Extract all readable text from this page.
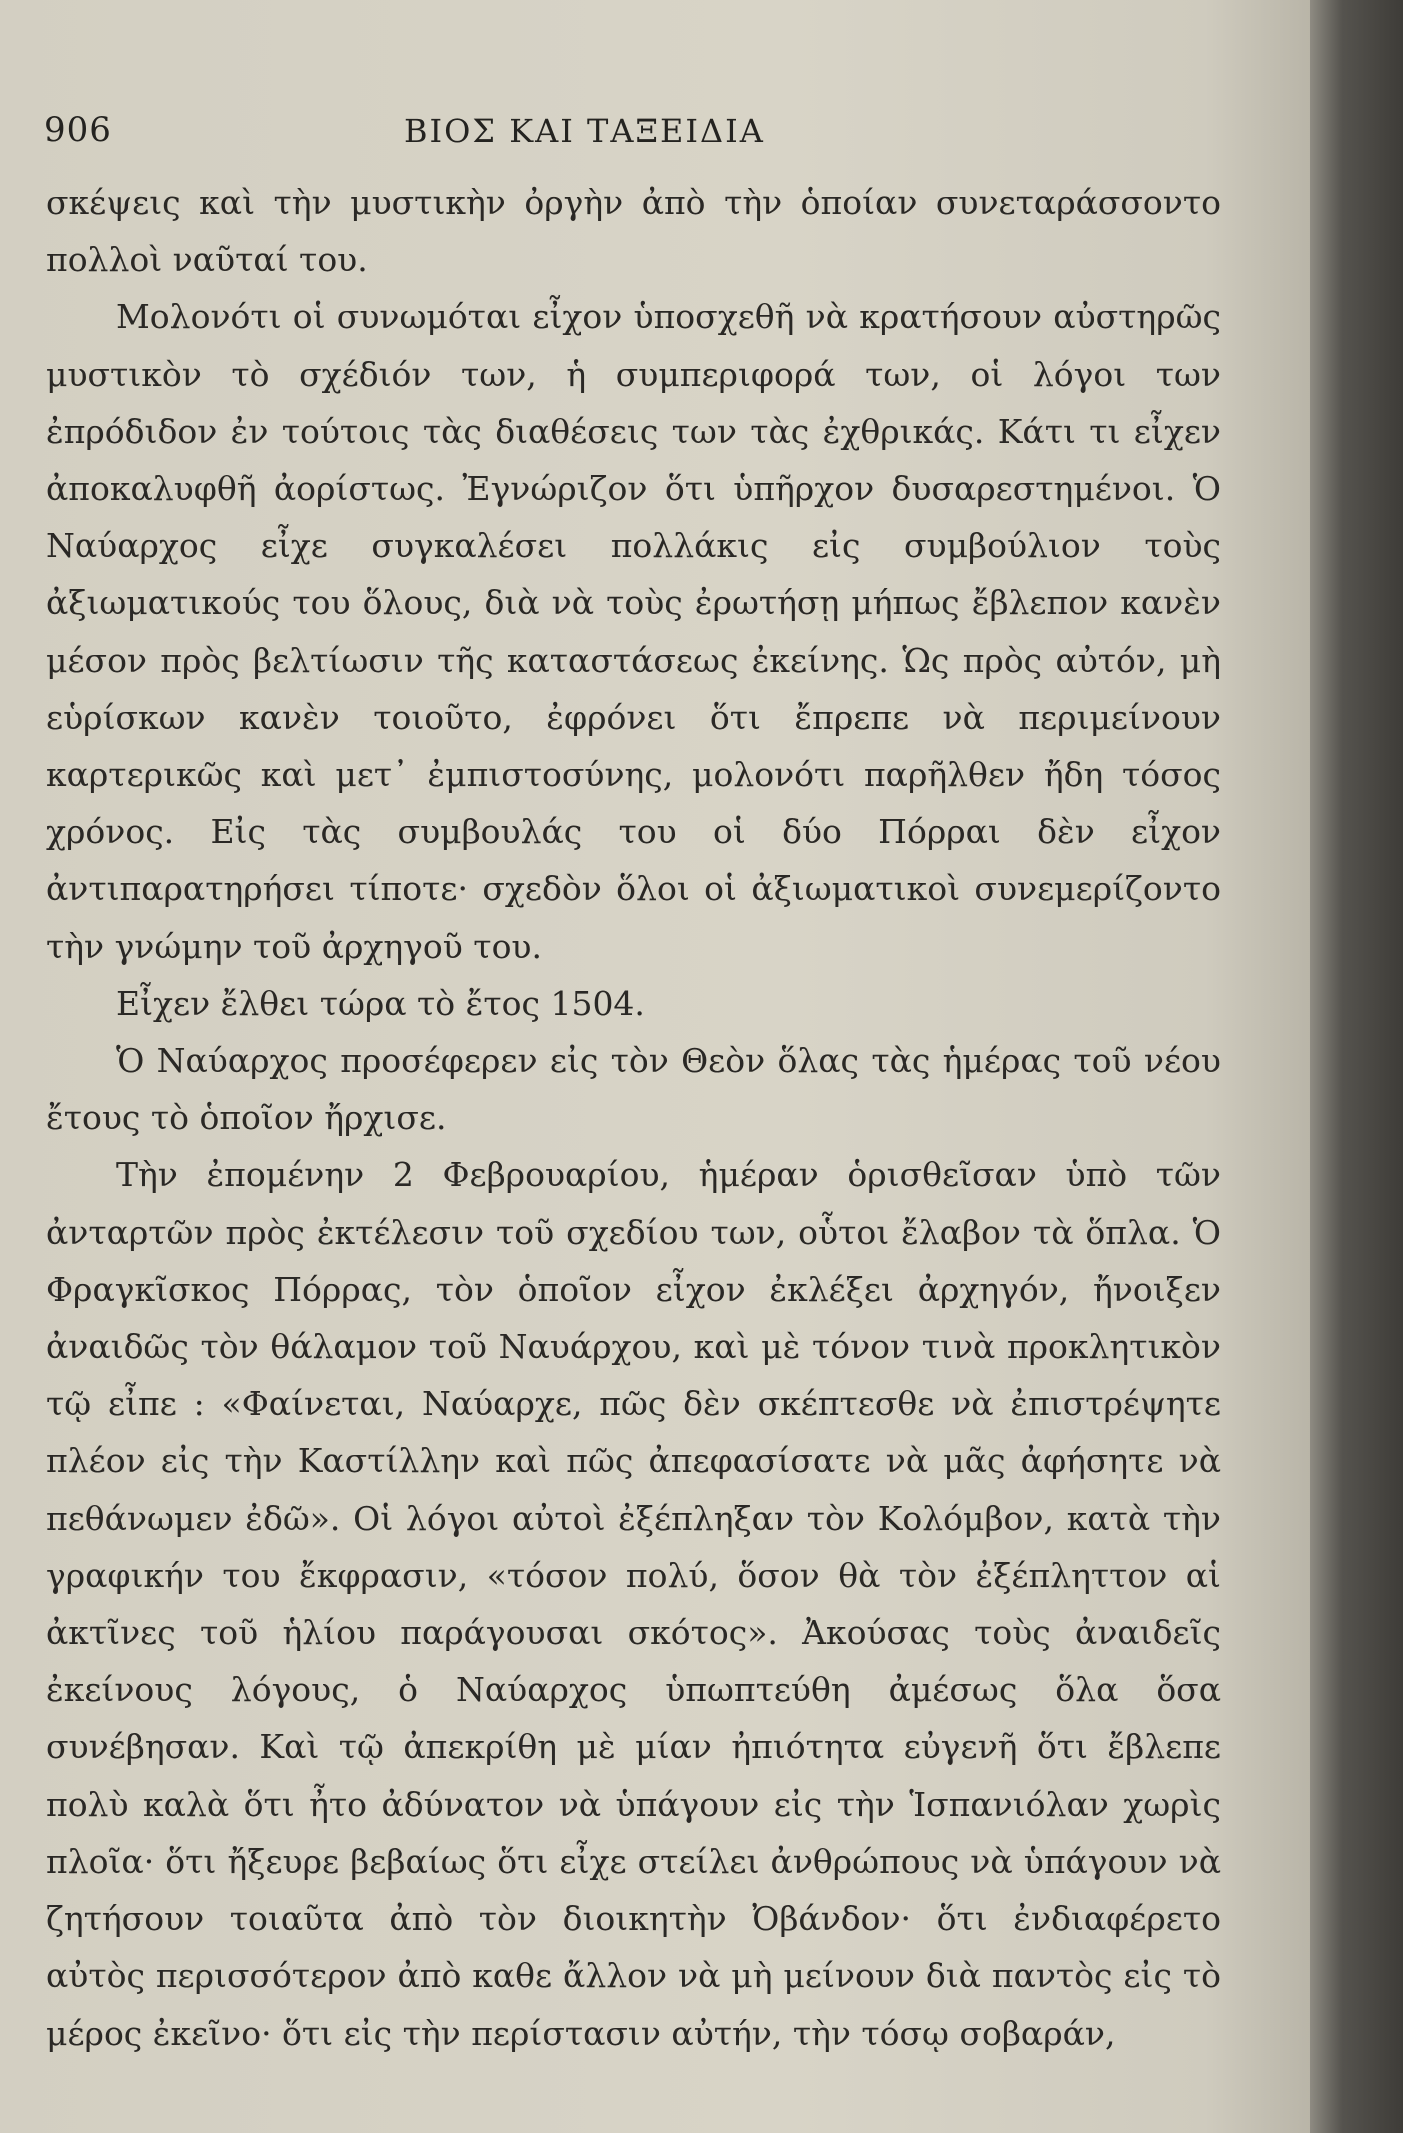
906	ΒΙΟΣ ΚΑΙ ΤΑΞΕΙΔΙΑ

σκέψεις καὶ τὴν μυστικὴν ὀργὴν ἀπὸ τὴν ὁποίαν συνεταράσσοντο πολλοὶ ναῦταί του.

Μολονότι οἱ συνωμόται εἶχον ὑποσχεθῆ νὰ κρατήσουν αὐστηρῶς μυστικὸν τὸ σχέδιόν των, ἡ συμπεριφορά των, οἱ λόγοι των ἐπρόδιδον ἐν τούτοις τὰς διαθέσεις των τὰς ἐχθρικάς. Κάτι τι εἶχεν ἀποκαλυφθῆ ἀορίστως. Ἐγνώριζον ὅτι ὑπῆρχον δυσαρεστημένοι. Ὁ Ναύαρχος εἶχε συγκαλέσει πολλάκις εἰς συμβούλιον τοὺς ἀξιωματικούς του ὅλους, διὰ νὰ τοὺς ἐρωτήσῃ μήπως ἔβλεπον κανὲν μέσον πρὸς βελτίωσιν τῆς καταστάσεως ἐκείνης. Ὡς πρὸς αὐτόν, μὴ εὑρίσκων κανὲν τοιοῦτο, ἐφρόνει ὅτι ἔπρεπε νὰ περιμείνουν καρτερικῶς καὶ μετ᾽ ἐμπιστοσύνης, μολονότι παρῆλθεν ἤδη τόσος χρόνος. Εἰς τὰς συμβουλάς του οἱ δύο Πόρραι δὲν εἶχον ἀντιπαρατηρήσει τίποτε· σχεδὸν ὅλοι οἱ ἀξιωματικοὶ συνεμερίζοντο τὴν γνώμην τοῦ ἀρχηγοῦ του.

Εἶχεν ἔλθει τώρα τὸ ἔτος 1504.

Ὁ Ναύαρχος προσέφερεν εἰς τὸν Θεὸν ὅλας τὰς ἡμέρας τοῦ νέου ἔτους τὸ ὁποῖον ἤρχισε.

Τὴν ἐπομένην 2 Φεβρουαρίου, ἡμέραν ὁρισθεῖσαν ὑπὸ τῶν ἀνταρτῶν πρὸς ἐκτέλεσιν τοῦ σχεδίου των, οὗτοι ἔλαβον τὰ ὅπλα. Ὁ Φραγκῖσκος Πόρρας, τὸν ὁποῖον εἶχον ἐκλέξει ἀρχηγόν, ἤνοιξεν ἀναιδῶς τὸν θάλαμον τοῦ Ναυάρχου, καὶ μὲ τόνον τινὰ προκλητικὸν τῷ εἶπε : «Φαίνεται, Ναύαρχε, πῶς δὲν σκέπτεσθε νὰ ἐπιστρέψητε πλέον εἰς τὴν Καστίλλην καὶ πῶς ἀπεφασίσατε νὰ μᾶς ἀφήσητε νὰ πεθάνωμεν ἐδῶ». Οἱ λόγοι αὐτοὶ ἐξέπληξαν τὸν Κολόμβον, κατὰ τὴν γραφικήν του ἔκφρασιν, «τόσον πολύ, ὅσον θὰ τὸν ἐξέπληττον αἱ ἀκτῖνες τοῦ ἡλίου παράγουσαι σκότος». Ἀκούσας τοὺς ἀναιδεῖς ἐκείνους λόγους, ὁ Ναύαρχος ὑπωπτεύθη ἀμέσως ὅλα ὅσα συνέβησαν. Καὶ τῷ ἀπεκρίθη μὲ μίαν ἠπιότητα εὐγενῆ ὅτι ἔβλεπε πολὺ καλὰ ὅτι ἦτο ἀδύνατον νὰ ὑπάγουν εἰς τὴν Ἱσπανιόλαν χωρὶς πλοῖα· ὅτι ἤξευρε βεβαίως ὅτι εἶχε στείλει ἀνθρώπους νὰ ὑπάγουν νὰ ζητήσουν τοιαῦτα ἀπὸ τὸν διοικητὴν Ὀβάνδον· ὅτι ἐνδιαφέρετο αὐτὸς περισσότερον ἀπὸ καθε ἄλλον νὰ μὴ μείνουν διὰ παντὸς εἰς τὸ μέρος ἐκεῖνο· ὅτι εἰς τὴν περίστασιν αὐτήν, τὴν τόσῳ σοβαράν,
